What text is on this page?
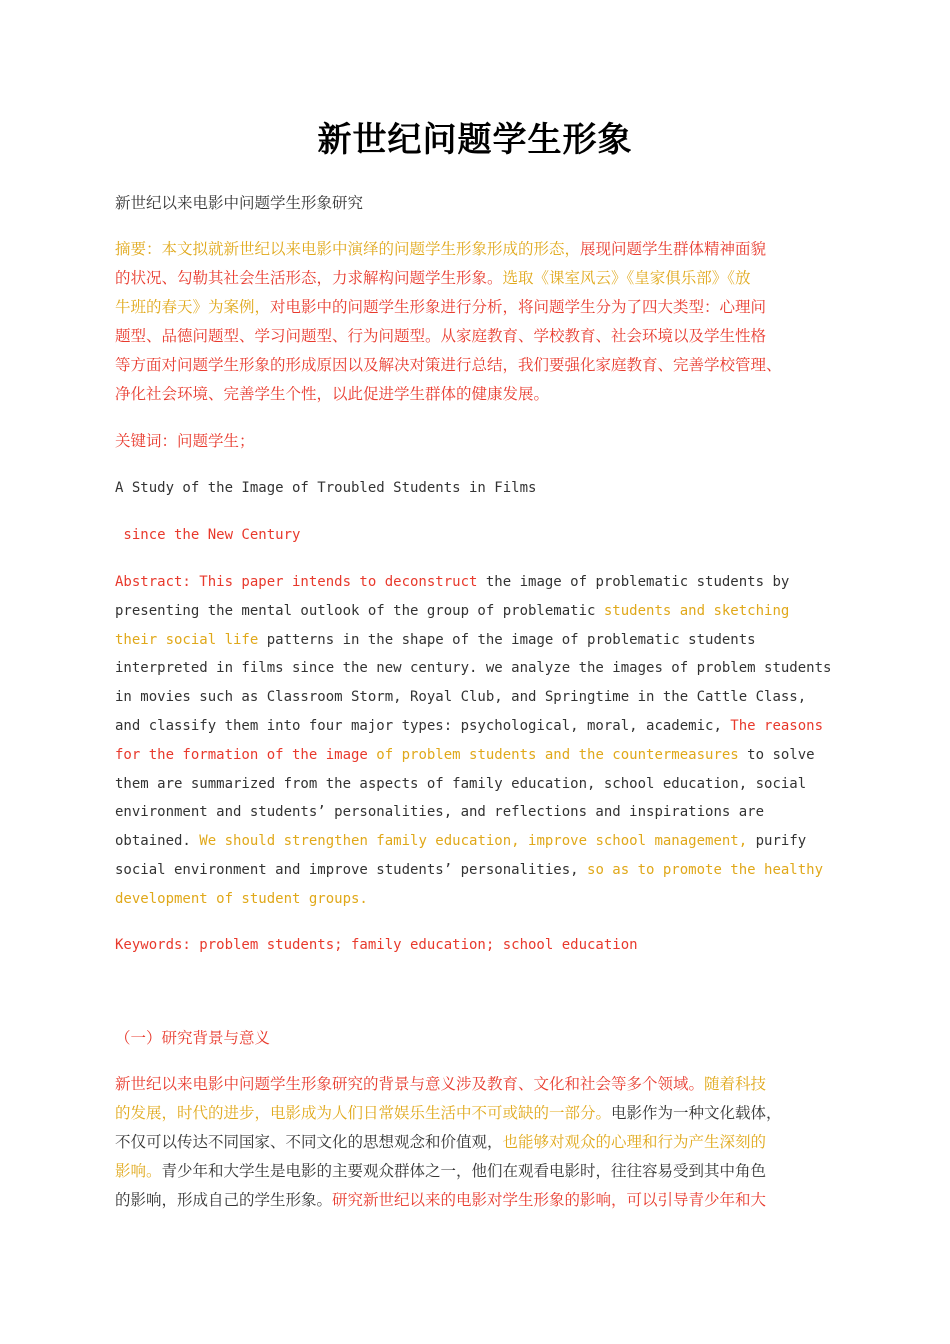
新世纪问题学生形象

新世纪以来电影中问题学生形象研究

摘要：本文拟就新世纪以来电影中演绎的问题学生形象形成的形态，展现问题学生群体精神面貌
的状况、勾勒其社会生活形态，力求解构问题学生形象。选取《课室风云》《皇家俱乐部》《放
牛班的春天》为案例，对电影中的问题学生形象进行分析，将问题学生分为了四大类型：心理问
题型、品德问题型、学习问题型、行为问题型。从家庭教育、学校教育、社会环境以及学生性格
等方面对问题学生形象的形成原因以及解决对策进行总结，我们要强化家庭教育、完善学校管理、
净化社会环境、完善学生个性，以此促进学生群体的健康发展。

关键词：问题学生；

A Study of the Image of Troubled Students in Films

since the New Century

Abstract: This paper intends to deconstruct the image of problematic students by
presenting the mental outlook of the group of problematic students and sketching
their social life patterns in the shape of the image of problematic students
interpreted in films since the new century. we analyze the images of problem students
in movies such as Classroom Storm, Royal Club, and Springtime in the Cattle Class,
and classify them into four major types: psychological, moral, academic, The reasons
for the formation of the image of problem students and the countermeasures to solve
them are summarized from the aspects of family education, school education, social
environment and students’ personalities, and reflections and inspirations are
obtained. We should strengthen family education, improve school management, purify
social environment and improve students’ personalities, so as to promote the healthy
development of student groups.

Keywords: problem students; family education; school education

（一）研究背景与意义

新世纪以来电影中问题学生形象研究的背景与意义涉及教育、文化和社会等多个领域。随着科技
的发展，时代的进步，电影成为人们日常娱乐生活中不可或缺的一部分。电影作为一种文化载体，
不仅可以传达不同国家、不同文化的思想观念和价值观，也能够对观众的心理和行为产生深刻的
影响。青少年和大学生是电影的主要观众群体之一，他们在观看电影时，往往容易受到其中角色
的影响，形成自己的学生形象。研究新世纪以来的电影对学生形象的影响，可以引导青少年和大
